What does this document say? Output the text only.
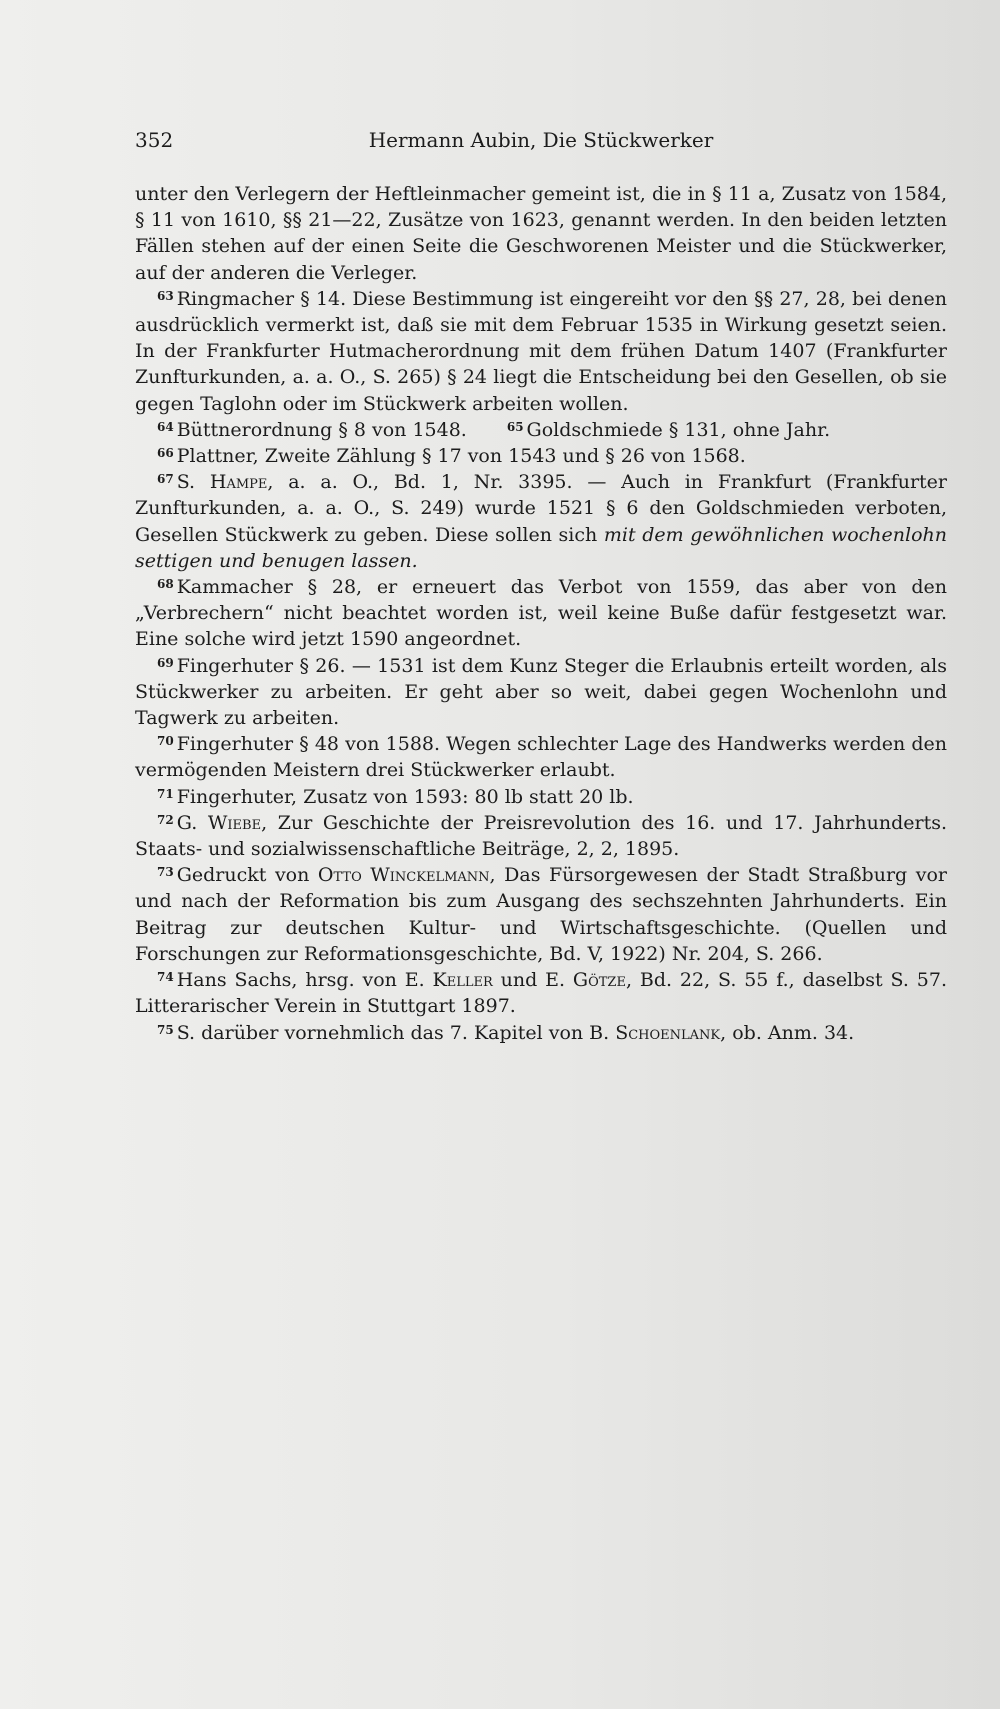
352	Hermann Aubin, Die Stückwerker

unter den Verlegern der Heftleinmacher gemeint ist, die in § 11 a, Zusatz von 1584, § 11 von 1610, §§ 21—22, Zusätze von 1623, genannt werden. In den beiden letzten Fällen stehen auf der einen Seite die Geschworenen Meister und die Stückwerker, auf der anderen die Verleger.

$^{63}$ Ringmacher § 14. Diese Bestimmung ist eingereiht vor den §§ 27, 28, bei denen ausdrücklich vermerkt ist, daß sie mit dem Februar 1535 in Wirkung gesetzt seien. In der Frankfurter Hutmacherordnung mit dem frühen Datum 1407 (Frankfurter Zunfturkunden, a. a. O., S. 265) § 24 liegt die Entscheidung bei den Gesellen, ob sie gegen Taglohn oder im Stückwerk arbeiten wollen.

$^{64}$ Büttnerordnung § 8 von 1548.	$^{65}$ Goldschmiede § 131, ohne Jahr.

$^{66}$ Plattner, Zweite Zählung § 17 von 1543 und § 26 von 1568.

$^{67}$ S. Hampe, a. a. O., Bd. 1, Nr. 3395. — Auch in Frankfurt (Frankfurter Zunfturkunden, a. a. O., S. 249) wurde 1521 § 6 den Goldschmieden verboten, Gesellen Stückwerk zu geben. Diese sollen sich mit dem gewöhnlichen wochenlohn settigen und benugen lassen.

$^{68}$ Kammacher § 28, er erneuert das Verbot von 1559, das aber von den „Verbrechern“ nicht beachtet worden ist, weil keine Buße dafür festgesetzt war. Eine solche wird jetzt 1590 angeordnet.

$^{69}$ Fingerhuter § 26. — 1531 ist dem Kunz Steger die Erlaubnis erteilt worden, als Stückwerker zu arbeiten. Er geht aber so weit, dabei gegen Wochenlohn und Tagwerk zu arbeiten.

$^{70}$ Fingerhuter § 48 von 1588. Wegen schlechter Lage des Handwerks werden den vermögenden Meistern drei Stückwerker erlaubt.

$^{71}$ Fingerhuter, Zusatz von 1593: 80 lb statt 20 lb.

$^{72}$ G. Wiebe, Zur Geschichte der Preisrevolution des 16. und 17. Jahrhunderts. Staats- und sozialwissenschaftliche Beiträge, 2, 2, 1895.

$^{73}$ Gedruckt von Otto Winckelmann, Das Fürsorgewesen der Stadt Straßburg vor und nach der Reformation bis zum Ausgang des sechszehnten Jahrhunderts. Ein Beitrag zur deutschen Kultur- und Wirtschaftsgeschichte. (Quellen und Forschungen zur Reformationsgeschichte, Bd. V, 1922) Nr. 204, S. 266.

$^{74}$ Hans Sachs, hrsg. von E. Keller und E. Götze, Bd. 22, S. 55 f., daselbst S. 57. Litterarischer Verein in Stuttgart 1897.

$^{75}$ S. darüber vornehmlich das 7. Kapitel von B. Schoenlank, ob. Anm. 34.
